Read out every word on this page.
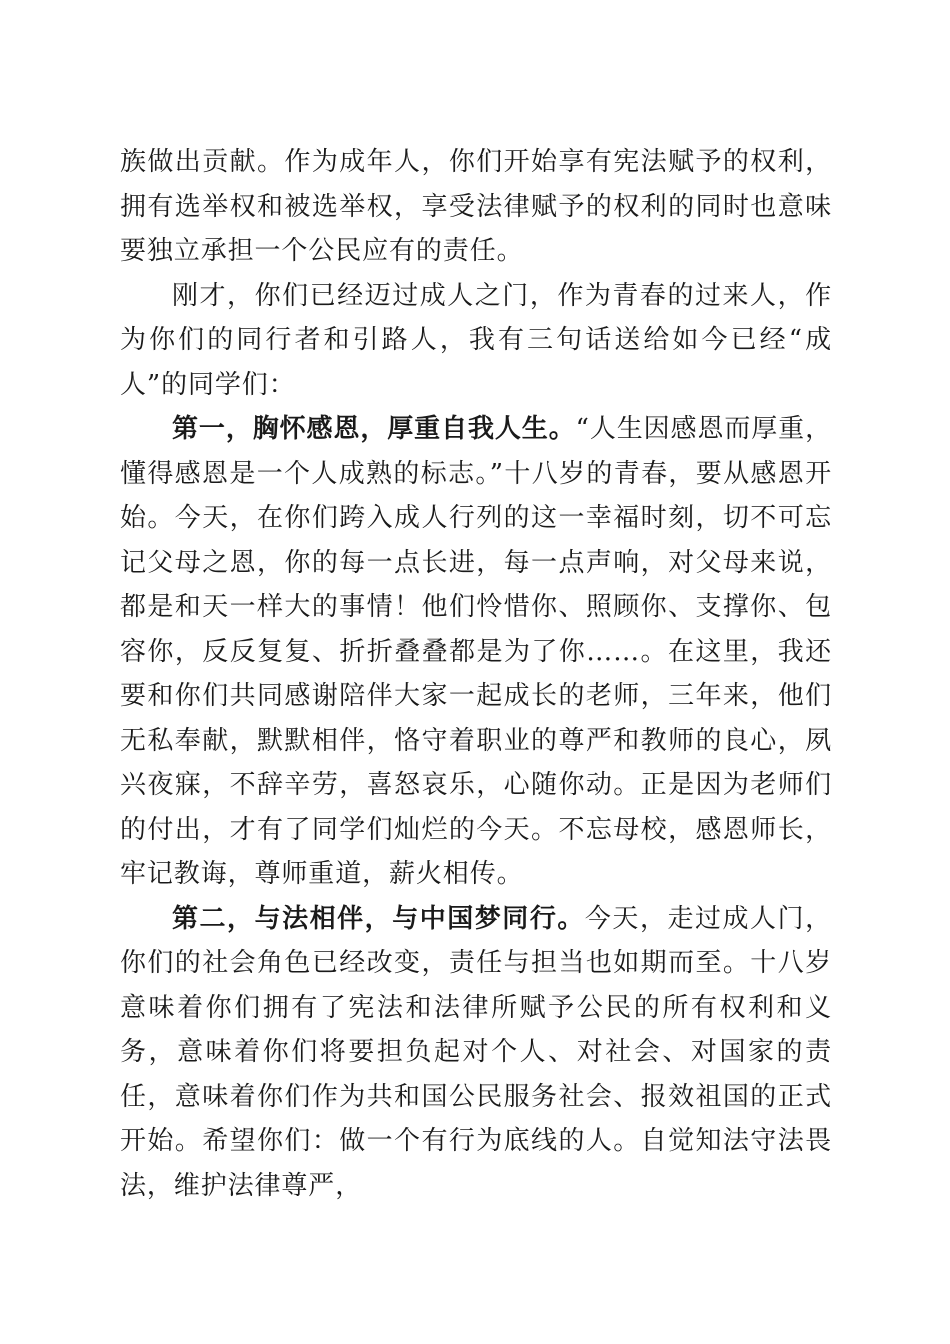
族做出贡献。作为成年人，你们开始享有宪法赋予的权利，拥有选举权和被选举权，享受法律赋予的权利的同时也意味要独立承担一个公民应有的责任。

刚才，你们已经迈过成人之门，作为青春的过来人，作为你们的同行者和引路人，我有三句话送给如今已经“成人”的同学们：

第一，胸怀感恩，厚重自我人生。“人生因感恩而厚重，懂得感恩是一个人成熟的标志。”十八岁的青春，要从感恩开始。今天，在你们跨入成人行列的这一幸福时刻，切不可忘记父母之恩，你的每一点长进，每一点声响，对父母来说，都是和天一样大的事情！他们怜惜你、照顾你、支撑你、包容你，反反复复、折折叠叠都是为了你……。在这里，我还要和你们共同感谢陪伴大家一起成长的老师，三年来，他们无私奉献，默默相伴，恪守着职业的尊严和教师的良心，夙兴夜寐，不辞辛劳，喜怒哀乐，心随你动。正是因为老师们的付出，才有了同学们灿烂的今天。不忘母校，感恩师长，牢记教诲，尊师重道，薪火相传。

第二，与法相伴，与中国梦同行。今天，走过成人门，你们的社会角色已经改变，责任与担当也如期而至。十八岁意味着你们拥有了宪法和法律所赋予公民的所有权利和义务，意味着你们将要担负起对个人、对社会、对国家的责任，意味着你们作为共和国公民服务社会、报效祖国的正式开始。希望你们：做一个有行为底线的人。自觉知法守法畏法，维护法律尊严，
